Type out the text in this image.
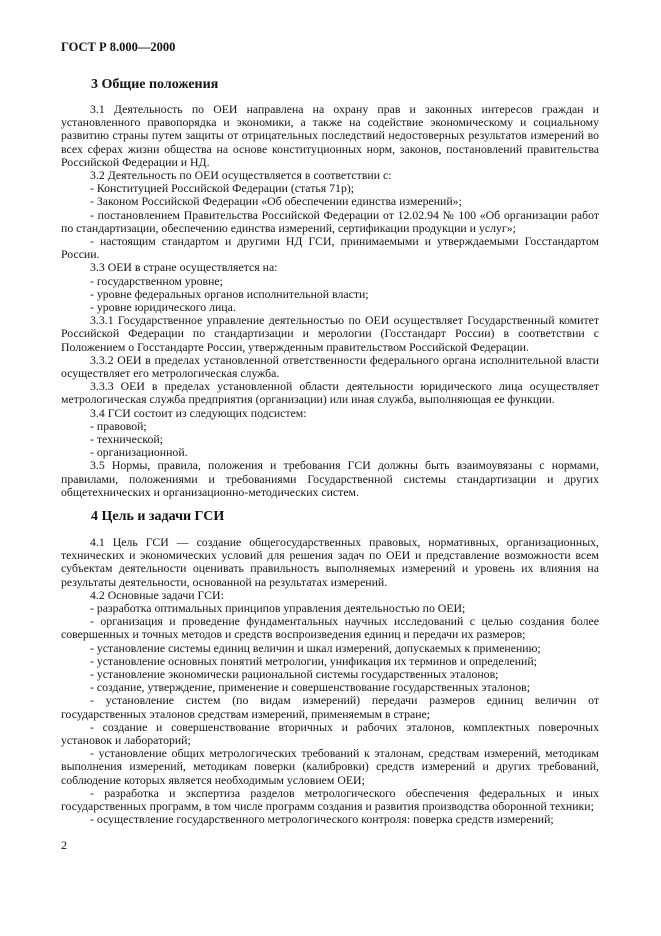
ГОСТ Р 8.000—2000
3 Общие положения

3.1 Деятельность по ОЕИ направлена на охрану прав и законных интересов граждан и установленного правопорядка и экономики, а также на содействие экономическому и социальному развитию страны путем защиты от отрицательных последствий недостоверных результатов измерений во всех сферах жизни общества на основе конституционных норм, законов, постановлений правительства Российской Федерации и НД.

3.2 Деятельность по ОЕИ осуществляется в соответствии с:

- Конституцией Российской Федерации (статья 71р);

- Законом Российской Федерации «Об обеспечении единства измерений»;

- постановлением Правительства Российской Федерации от 12.02.94 № 100 «Об организации работ по стандартизации, обеспечению единства измерений, сертификации продукции и услуг»;

- настоящим стандартом и другими НД ГСИ, принимаемыми и утверждаемыми Госстандартом России.

3.3 ОЕИ в стране осуществляется на:

- государственном уровне;

- уровне федеральных органов исполнительной власти;

- уровне юридического лица.

3.3.1 Государственное управление деятельностью по ОЕИ осуществляет Государственный комитет Российской Федерации по стандартизации и мерологии (Госстандарт России) в соответствии с Положением о Госстандарте России, утвержденным правительством Российской Федерации.

3.3.2 ОЕИ в пределах установленной ответственности федерального органа исполнительной власти осуществляет его метрологическая служба.

3.3.3 ОЕИ в пределах установленной области деятельности юридического лица осуществляет метрологическая служба предприятия (организации) или иная служба, выполняющая ее функции.

3.4 ГСИ состоит из следующих подсистем:

- правовой;

- технической;

- организационной.

3.5 Нормы, правила, положения и требования ГСИ должны быть взаимоувязаны с нормами, правилами, положениями и требованиями Государственной системы стандартизации и других общетехнических и организационно-методических систем.

4 Цель и задачи ГСИ

4.1 Цель ГСИ — создание общегосударственных правовых, нормативных, организационных, технических и экономических условий для решения задач по ОЕИ и представление возможности всем субъектам деятельности оценивать правильность выполняемых измерений и уровень их влияния на результаты деятельности, основанной на результатах измерений.

4.2 Основные задачи ГСИ:

- разработка оптимальных принципов управления деятельностью по ОЕИ;

- организация и проведение фундаментальных научных исследований с целью создания более совершенных и точных методов и средств воспроизведения единиц и передачи их размеров;

- установление системы единиц величин и шкал измерений, допускаемых к применению;

- установление основных понятий метрологии, унификация их терминов и определений;

- установление экономически рациональной системы государственных эталонов;

- создание, утверждение, применение и совершенствование государственных эталонов;

- установление систем (по видам измерений) передачи размеров единиц величин от государственных эталонов средствам измерений, применяемым в стране;

- создание и совершенствование вторичных и рабочих эталонов, комплектных поверочных установок и лабораторий;

- установление общих метрологических требований к эталонам, средствам измерений, методикам выполнения измерений, методикам поверки (калибровки) средств измерений и других требований, соблюдение которых является необходимым условием ОЕИ;

- разработка и экспертиза разделов метрологического обеспечения федеральных и иных государственных программ, в том числе программ создания и развития производства оборонной техники;

- осуществление государственного метрологического контроля: поверка средств измерений;

2
